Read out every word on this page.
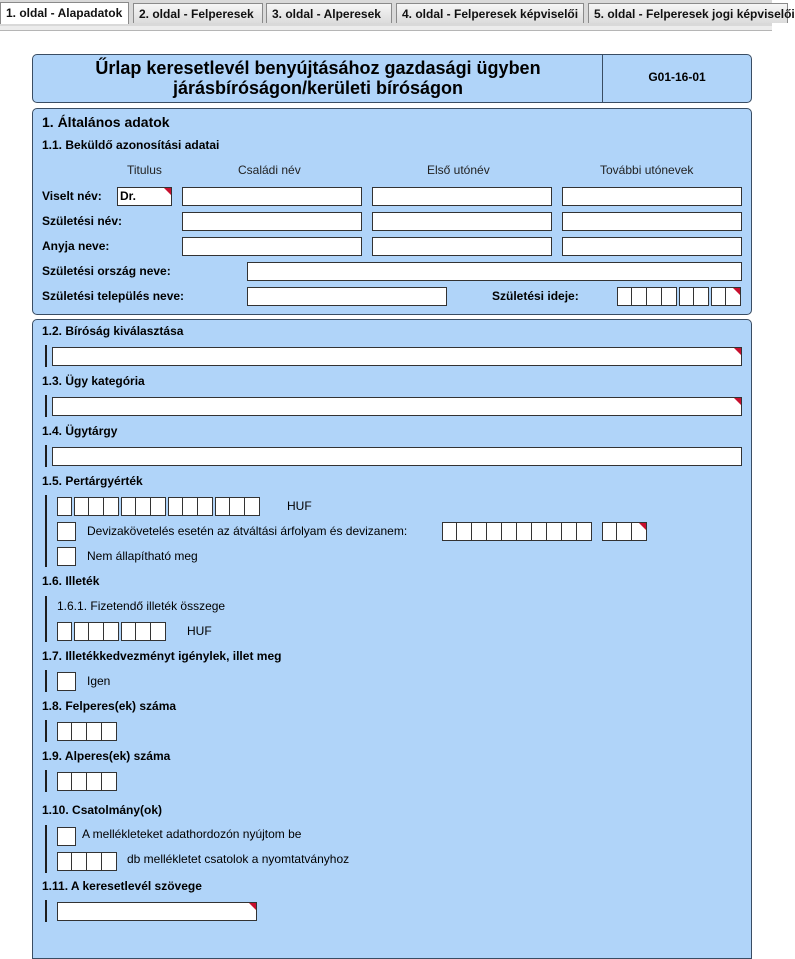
1. oldal - Alapadatok	2. oldal - Felperesek	3. oldal - Alperesek	4. oldal - Felperesek képviselői	5. oldal - Felperesek jogi képviselői
Űrlap keresetlevél benyújtásához gazdasági ügyben
járásbíróságon/kerületi bíróságon
G01-16-01
1. Általános adatok
1.1. Beküldő azonosítási adatai
Titulus	Családi név	Első utónév	További utónevek
Viselt név: Dr.
Születési név:
Anyja neve:
Születési ország neve:
Születési település neve:	Születési ideje:
1.2. Bíróság kiválasztása
1.3. Ügy kategória
1.4. Ügytárgy
1.5. Pertárgyérték
HUF
Devizakövetelés esetén az átváltási árfolyam és devizanem:
Nem állapítható meg
1.6. Illeték
1.6.1. Fizetendő illeték összege
HUF
1.7. Illetékkedvezményt igénylek, illet meg
Igen
1.8. Felperes(ek) száma
1.9. Alperes(ek) száma
1.10. Csatolmány(ok)
A mellékleteket adathordozón nyújtom be
db mellékletet csatolok a nyomtatványhoz
1.11. A keresetlevél szövege
